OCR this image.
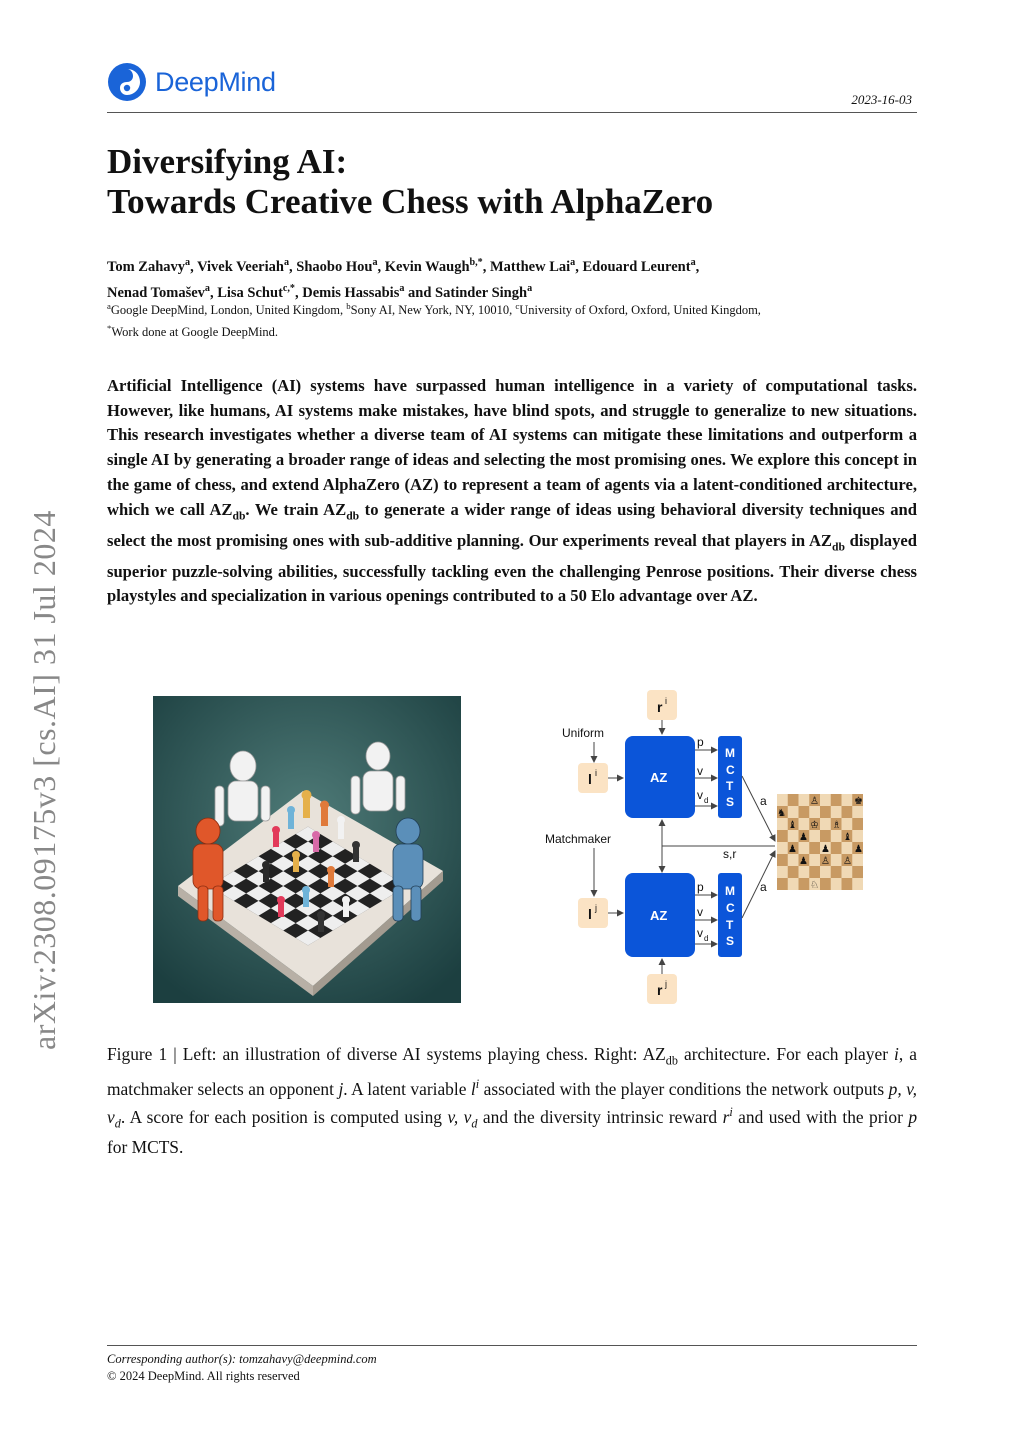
DeepMind
2023-16-03
Diversifying AI:
Towards Creative Chess with AlphaZero
Tom Zahavy$^a$, Vivek Veeriah$^a$, Shaobo Hou$^a$, Kevin Waugh$^{b,*}$, Matthew Lai$^a$, Edouard Leurent$^a$,
Nenad Tomašev$^a$, Lisa Schut$^{c,*}$, Demis Hassabis$^a$ and Satinder Singh$^a$
$^a$Google DeepMind, London, United Kingdom, $^b$Sony AI, New York, NY, 10010, $^c$University of Oxford, Oxford, United Kingdom,
*Work done at Google DeepMind.
Artificial Intelligence (AI) systems have surpassed human intelligence in a variety of computational tasks. However, like humans, AI systems make mistakes, have blind spots, and struggle to generalize to new situations. This research investigates whether a diverse team of AI systems can mitigate these limitations and outperform a single AI by generating a broader range of ideas and selecting the most promising ones. We explore this concept in the game of chess, and extend AlphaZero (AZ) to represent a team of agents via a latent-conditioned architecture, which we call $AZ_{db}$. We train $AZ_{db}$ to generate a wider range of ideas using behavioral diversity techniques and select the most promising ones with sub-additive planning. Our experiments reveal that players in $AZ_{db}$ displayed superior puzzle-solving abilities, successfully tackling even the challenging Penrose positions. Their diverse chess playstyles and specialization in various openings contributed to a 50 Elo advantage over AZ.
arXiv:2308.09175v3 [cs.AI] 31 Jul 2024	r i
Uniform
l i	AZ
p
v
v d
M
C
T
S
Matchmaker
s,r
l j	AZ
p
v
v d
M
C
T
S
r j
a
a
♙	♚
♞
♔ ♗
♝
♝
♟
♟ ♟ ♟
♟ ♙ ♙
♘
Figure 1 | Left: an illustration of diverse AI systems playing chess. Right: $AZ_{db}$ architecture. For each player i, a matchmaker selects an opponent j. A latent variable $l^i$ associated with the player conditions the network outputs p, v, $v_d$. A score for each position is computed using v, $v_d$ and the diversity intrinsic reward $r^i$ and used with the prior p for MCTS.
Corresponding author(s): tomzahavy@deepmind.com
© 2024 DeepMind. All rights reserved
